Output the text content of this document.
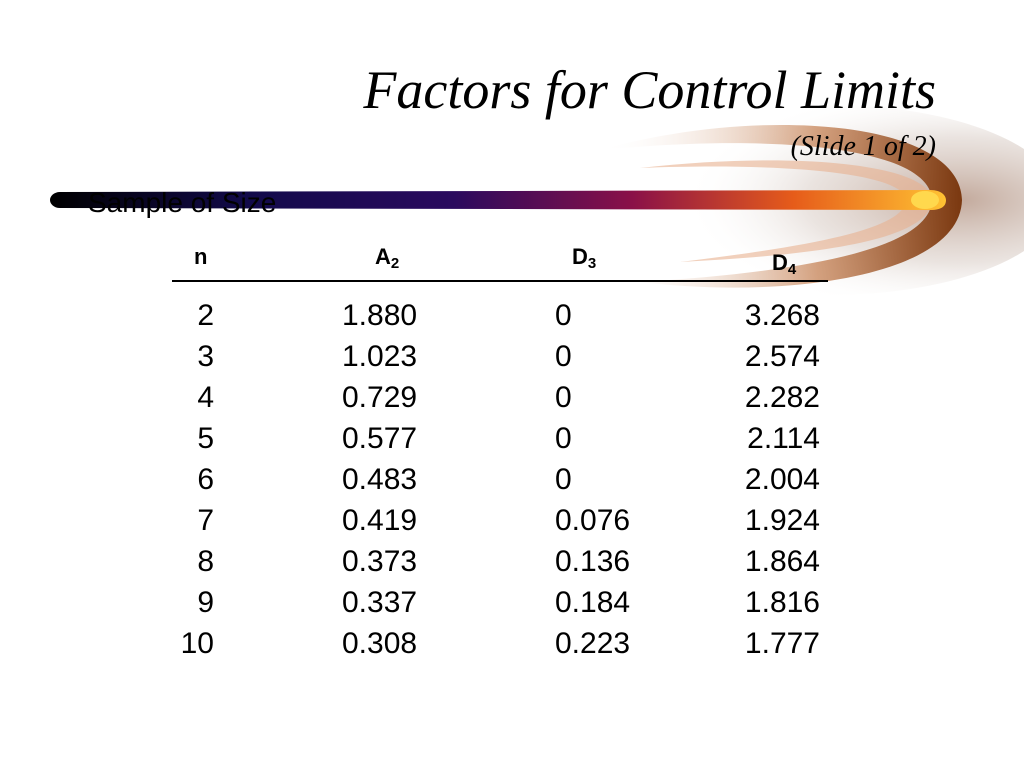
Factors for Control Limits
(Slide 1 of 2)
Sample of Size
n	$A_2$	$D_3$	$D_4$
2	1.880	0	3.268
3	1.023	0	2.574
4	0.729	0	2.282
5	0.577	0	2.114
6	0.483	0	2.004
7	0.419	0.076	1.924
8	0.373	0.136	1.864
9	0.337	0.184	1.816
10	0.308	0.223	1.777
